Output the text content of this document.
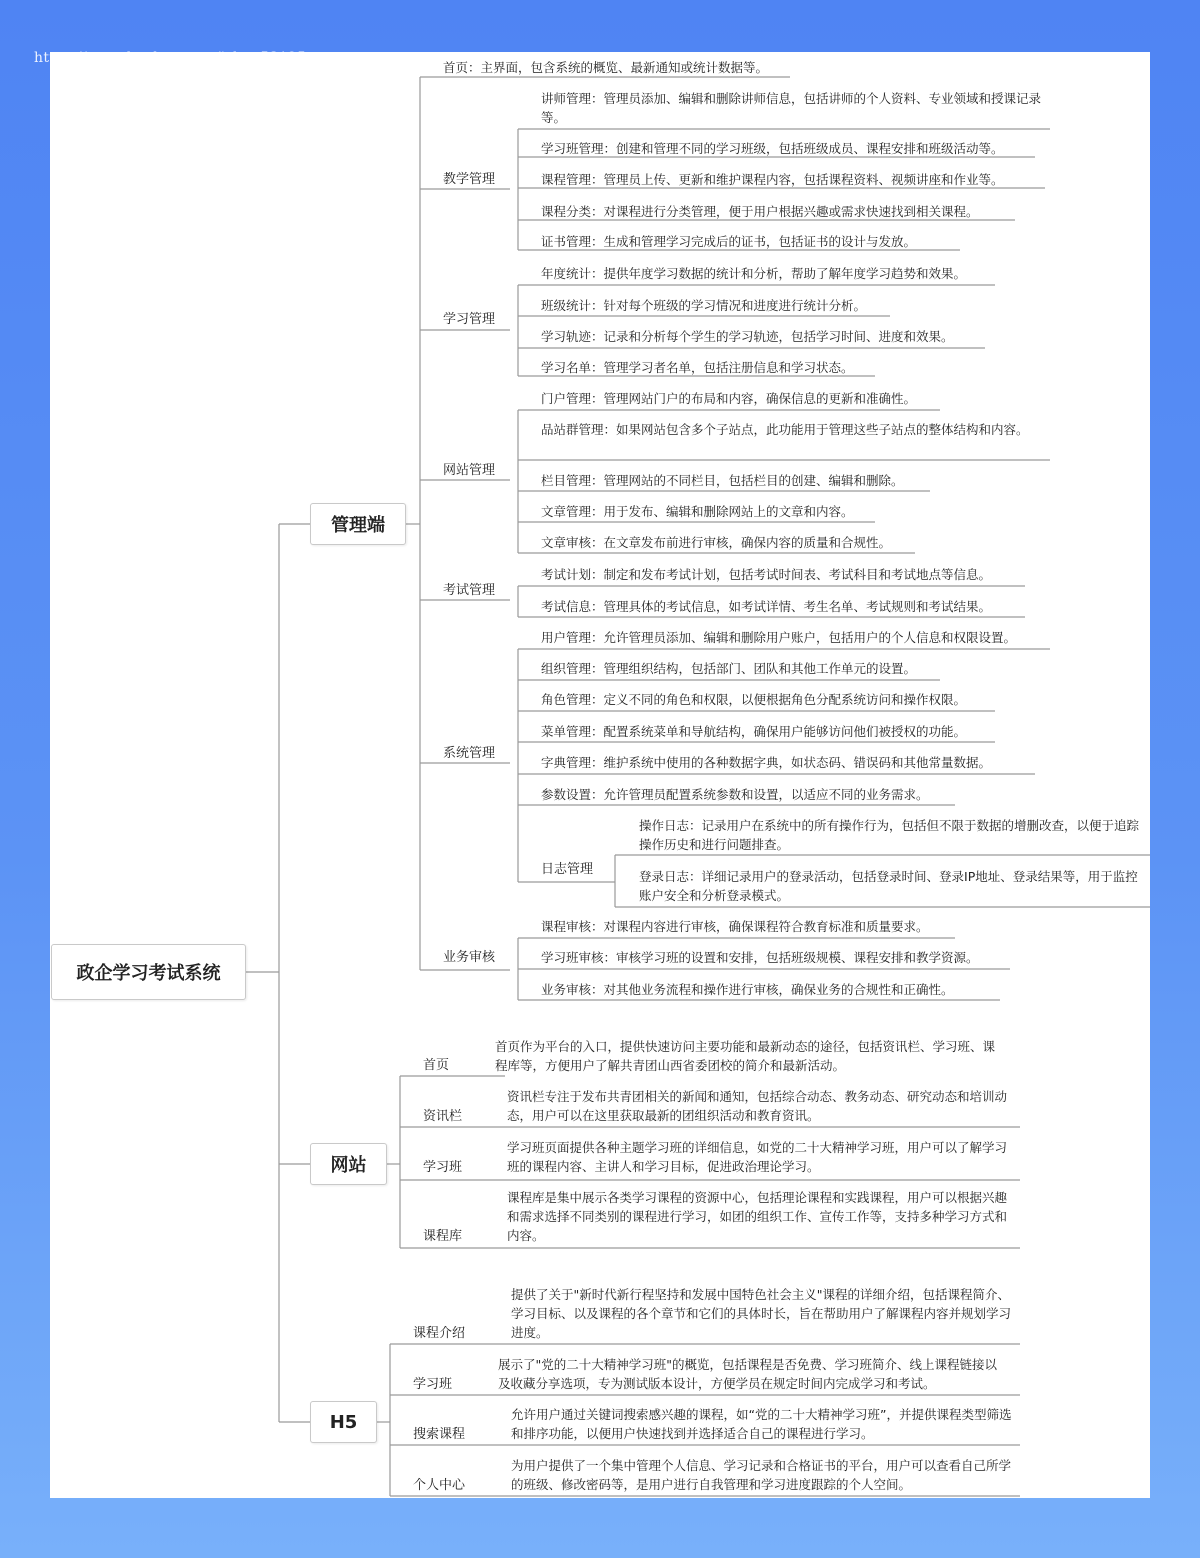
https://www.huzhan.com/ishop53125
政企学习考试系统
管理端
网站
H5
首页：主界面，包含系统的概览、最新通知或统计数据等。
教学管理
讲师管理：管理员添加、编辑和删除讲师信息，包括讲师的个人资料、专业领域和授课记录等。
学习班管理：创建和管理不同的学习班级，包括班级成员、课程安排和班级活动等。
课程管理：管理员上传、更新和维护课程内容，包括课程资料、视频讲座和作业等。
课程分类：对课程进行分类管理，便于用户根据兴趣或需求快速找到相关课程。
证书管理：生成和管理学习完成后的证书，包括证书的设计与发放。
学习管理
年度统计：提供年度学习数据的统计和分析，帮助了解年度学习趋势和效果。
班级统计：针对每个班级的学习情况和进度进行统计分析。
学习轨迹：记录和分析每个学生的学习轨迹，包括学习时间、进度和效果。
学习名单：管理学习者名单，包括注册信息和学习状态。
网站管理
门户管理：管理网站门户的布局和内容，确保信息的更新和准确性。
品站群管理：如果网站包含多个子站点，此功能用于管理这些子站点的整体结构和内容。
栏目管理：管理网站的不同栏目，包括栏目的创建、编辑和删除。
文章管理：用于发布、编辑和删除网站上的文章和内容。
文章审核：在文章发布前进行审核，确保内容的质量和合规性。
考试管理
考试计划：制定和发布考试计划，包括考试时间表、考试科目和考试地点等信息。
考试信息：管理具体的考试信息，如考试详情、考生名单、考试规则和考试结果。
系统管理
用户管理：允许管理员添加、编辑和删除用户账户，包括用户的个人信息和权限设置。
组织管理：管理组织结构，包括部门、团队和其他工作单元的设置。
角色管理：定义不同的角色和权限，以便根据角色分配系统访问和操作权限。
菜单管理：配置系统菜单和导航结构，确保用户能够访问他们被授权的功能。
字典管理：维护系统中使用的各种数据字典，如状态码、错误码和其他常量数据。
参数设置：允许管理员配置系统参数和设置，以适应不同的业务需求。
日志管理
操作日志：记录用户在系统中的所有操作行为，包括但不限于数据的增删改查，以便于追踪操作历史和进行问题排查。
登录日志：详细记录用户的登录活动，包括登录时间、登录IP地址、登录结果等，用于监控账户安全和分析登录模式。
业务审核
课程审核：对课程内容进行审核，确保课程符合教育标准和质量要求。
学习班审核：审核学习班的设置和安排，包括班级规模、课程安排和教学资源。
业务审核：对其他业务流程和操作进行审核，确保业务的合规性和正确性。
首页
首页作为平台的入口，提供快速访问主要功能和最新动态的途径，包括资讯栏、学习班、课程库等，方便用户了解共青团山西省委团校的简介和最新活动。
资讯栏
资讯栏专注于发布共青团相关的新闻和通知，包括综合动态、教务动态、研究动态和培训动态，用户可以在这里获取最新的团组织活动和教育资讯。
学习班
学习班页面提供各种主题学习班的详细信息，如党的二十大精神学习班，用户可以了解学习班的课程内容、主讲人和学习目标，促进政治理论学习。
课程库
课程库是集中展示各类学习课程的资源中心，包括理论课程和实践课程，用户可以根据兴趣和需求选择不同类别的课程进行学习，如团的组织工作、宣传工作等，支持多种学习方式和内容。
课程介绍
提供了关于"新时代新行程坚持和发展中国特色社会主义"课程的详细介绍，包括课程简介、学习目标、以及课程的各个章节和它们的具体时长，旨在帮助用户了解课程内容并规划学习进度。
学习班
展示了"党的二十大精神学习班"的概览，包括课程是否免费、学习班简介、线上课程链接以及收藏分享选项，专为测试版本设计，方便学员在规定时间内完成学习和考试。
搜索课程
允许用户通过关键词搜索感兴趣的课程，如“党的二十大精神学习班”，并提供课程类型筛选和排序功能，以便用户快速找到并选择适合自己的课程进行学习。
个人中心
为用户提供了一个集中管理个人信息、学习记录和合格证书的平台，用户可以查看自己所学的班级、修改密码等，是用户进行自我管理和学习进度跟踪的个人空间。
